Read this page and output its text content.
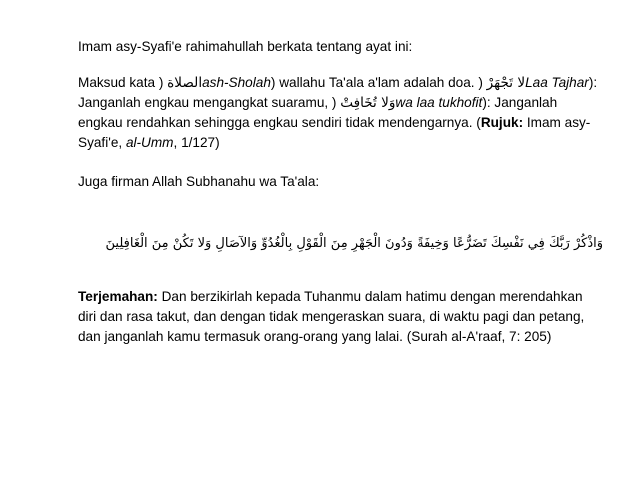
Imam asy-Syafi'e rahimahullah berkata tentang ayat ini:

Maksud kata ) الصلاةash-Sholah) wallahu Ta'ala a'lam adalah doa. ) لا تَجْهَرْLaa Tajhar): Janganlah engkau mengangkat suaramu, ) وَلا تُخَافِتْwa laa tukhofit): Janganlah engkau rendahkan sehingga engkau sendiri tidak mendengarnya. (Rujuk: Imam asy-Syafi'e, al-Umm, 1/127)

Juga firman Allah Subhanahu wa Ta'ala:

وَاذْكُرْ رَبَّكَ فِي نَفْسِكَ تَضَرُّعًا وَخِيفَةً وَدُونَ الْجَهْرِ مِنَ الْقَوْلِ بِالْغُدُوِّ وَالآصَالِ وَلا تَكُنْ مِنَ الْغَافِلِينَ

Terjemahan: Dan berzikirlah kepada Tuhanmu dalam hatimu dengan merendahkan diri dan rasa takut, dan dengan tidak mengeraskan suara, di waktu pagi dan petang, dan janganlah kamu termasuk orang-orang yang lalai. (Surah al-A'raaf, 7: 205)
